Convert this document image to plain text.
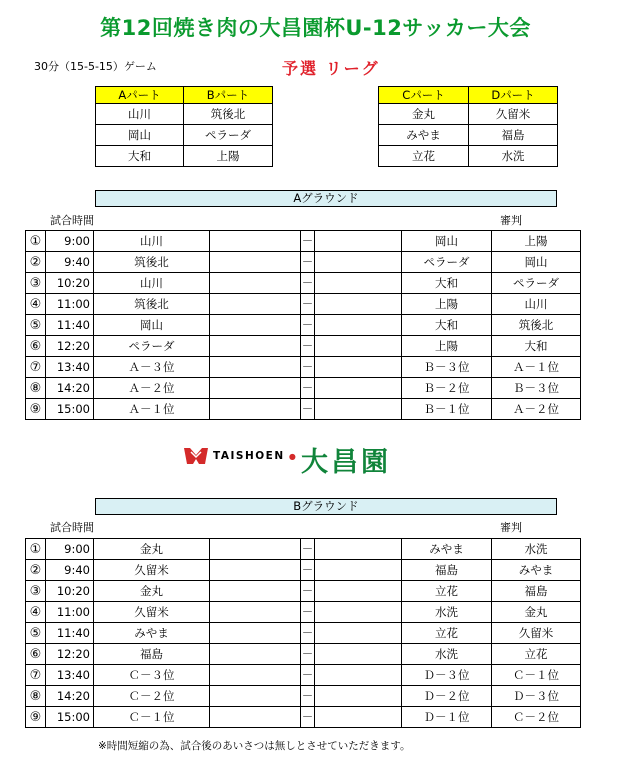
第12回焼き肉の大昌園杯U-12サッカー大会
30分（15-5-15）ゲーム	予選 リーグ
Aパート	Bパート
山川	筑後北
岡山	ペラーダ
大和	上陽
Cパート	Dパート
金丸	久留米
みやま	福島
立花	水洗
Aグラウンド
試合時間	審判
①	9:00	山川		－		岡山	上陽
②	9:40	筑後北		－		ペラーダ	岡山
③	10:20	山川		－		大和	ペラーダ
④	11:00	筑後北		－		上陽	山川
⑤	11:40	岡山		－		大和	筑後北
⑥	12:20	ペラーダ		－		上陽	大和
⑦	13:40	Ａ－３位		－		Ｂ－３位	Ａ－１位
⑧	14:20	Ａ－２位		－		Ｂ－２位	Ｂ－３位
⑨	15:00	Ａ－１位		－		Ｂ－１位	Ａ－２位
TAISHOEN ● 大昌園
Bグラウンド
試合時間	審判
①	9:00	金丸		－		みやま	水洗
②	9:40	久留米		－		福島	みやま
③	10:20	金丸		－		立花	福島
④	11:00	久留米		－		水洗	金丸
⑤	11:40	みやま		－		立花	久留米
⑥	12:20	福島		－		水洗	立花
⑦	13:40	Ｃ－３位		－		Ｄ－３位	Ｃ－１位
⑧	14:20	Ｃ－２位		－		Ｄ－２位	Ｄ－３位
⑨	15:00	Ｃ－１位		－		Ｄ－１位	Ｃ－２位
※時間短縮の為、試合後のあいさつは無しとさせていただきます。
